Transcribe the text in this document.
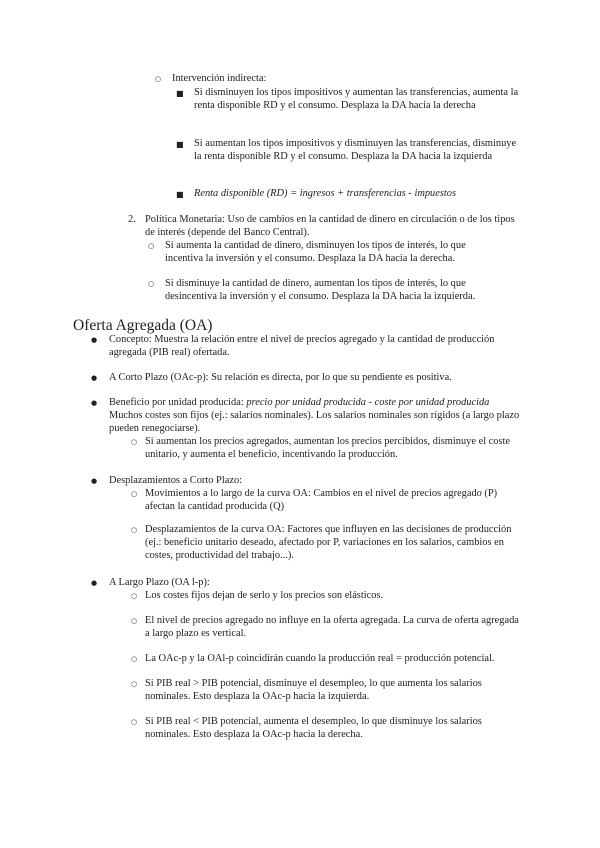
○ Intervención indirecta:
■ Si disminuyen los tipos impositivos y aumentan las transferencias, aumenta la renta disponible RD y el consumo. Desplaza la DA hacia la derecha
■ Si aumentan los tipos impositivos y disminuyen las transferencias, disminuye la renta disponible RD y el consumo. Desplaza la DA hacia la izquierda
■ Renta disponible (RD) = ingresos + transferencias - impuestos
2. Política Monetaria: Uso de cambios en la cantidad de dinero en circulación o de los tipos de interés (depende del Banco Central).
○ Si aumenta la cantidad de dinero, disminuyen los tipos de interés, lo que incentiva la inversión y el consumo. Desplaza la DA hacia la derecha.
○ Si disminuye la cantidad de dinero, aumentan los tipos de interés, lo que desincentiva la inversión y el consumo. Desplaza la DA hacia la izquierda.
Oferta Agregada (OA)
● Concepto: Muestra la relación entre el nivel de precios agregado y la cantidad de producción agregada (PIB real) ofertada.
● A Corto Plazo (OAc-p): Su relación es directa, por lo que su pendiente es positiva.
● Beneficio por unidad producida: precio por unidad producida - coste por unidad producida Muchos costes son fijos (ej.: salarios nominales). Los salarios nominales son rígidos (a largo plazo pueden renegociarse).
○ Si aumentan los precios agregados, aumentan los precios percibidos, disminuye el coste unitario, y aumenta el beneficio, incentivando la producción.
● Desplazamientos a Corto Plazo:
○ Movimientos a lo largo de la curva OA: Cambios en el nivel de precios agregado (P) afectan la cantidad producida (Q)
○ Desplazamientos de la curva OA: Factores que influyen en las decisiones de producción (ej.: beneficio unitario deseado, afectado por P, variaciones en los salarios, cambios en costes, productividad del trabajo...).
● A Largo Plazo (OA l-p):
○ Los costes fijos dejan de serlo y los precios son elásticos.
○ El nivel de precios agregado no influye en la oferta agregada. La curva de oferta agregada a largo plazo es vertical.
○ La OAc-p y la OAl-p coincidirán cuando la producción real = producción potencial.
○ Si PIB real > PIB potencial, disminuye el desempleo, lo que aumenta los salarios nominales. Esto desplaza la OAc-p hacia la izquierda.
○ Si PIB real < PIB potencial, aumenta el desempleo, lo que disminuye los salarios nominales. Esto desplaza la OAc-p hacia la derecha.
